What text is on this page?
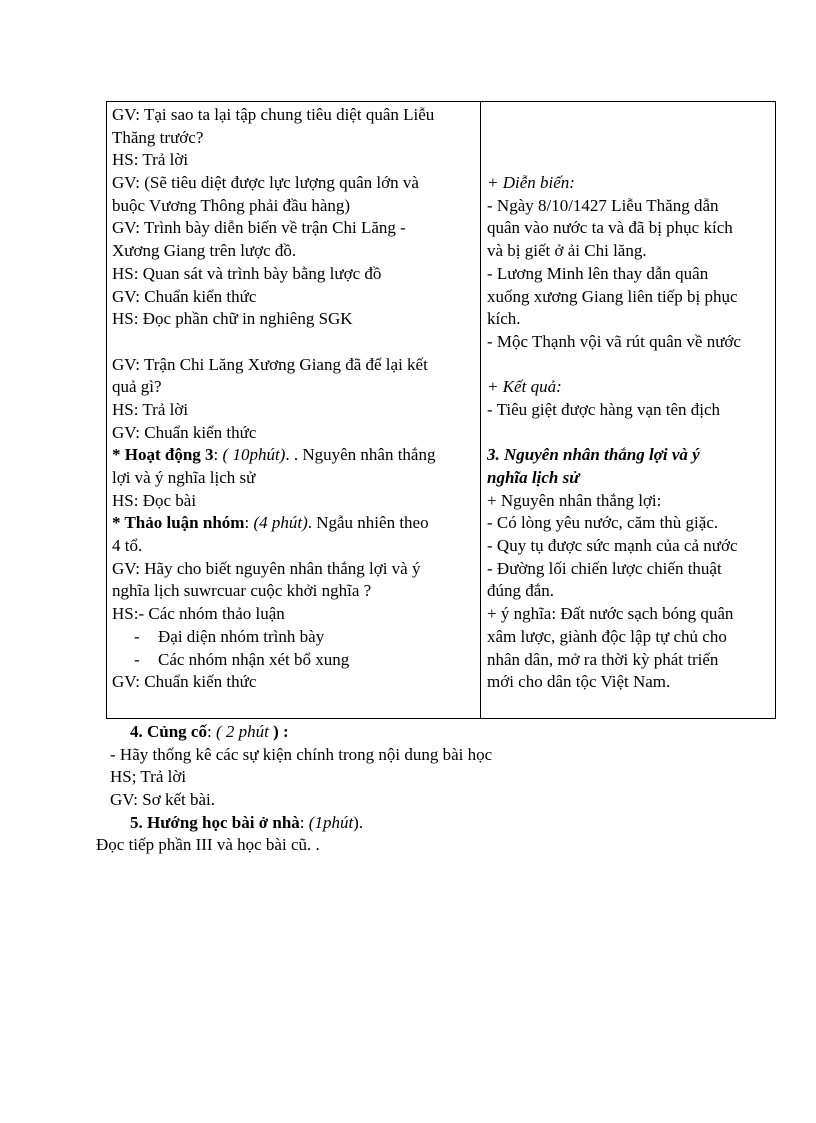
GV: Tại sao ta lại tập chung tiêu diệt quân Liễu
Thăng trước?
HS: Trả lời
GV: (Sẽ tiêu diệt được lực lượng quân lớn và
buộc Vương Thông phải đầu hàng)
GV: Trình bày diễn biến về trận Chi Lăng -
Xương Giang trên lược đồ.
HS: Quan sát và trình bày bằng lược đồ
GV: Chuẩn kiến thức
HS: Đọc phần chữ in nghiêng SGK
GV: Trận Chi Lăng Xương Giang đã để lại kết
quả gì?
HS: Trả lời
GV: Chuẩn kiến thức
* Hoạt động 3: ( 10phút). . Nguyên nhân thắng
lợi và ý nghĩa lịch sử
HS: Đọc bài
* Thảo luận nhóm: (4 phút). Ngẫu nhiên theo
4 tổ.
GV: Hãy cho biết nguyên nhân thắng lợi và ý
nghĩa lịch suwrcuar cuộc khởi nghĩa ?
HS:- Các nhóm thảo luận
- Đại diện nhóm trình bày
- Các nhóm nhận xét bổ xung
GV: Chuẩn kiến thức
+ Diễn biến:
- Ngày 8/10/1427 Liễu Thăng dẫn
quân vào nước ta và đã bị phục kích
và bị giết ở ải Chi lăng.
- Lương Minh lên thay dẫn quân
xuống xương Giang liên tiếp bị phục
kích.
- Mộc Thạnh vội vã rút quân về nước
+ Kết quả:
- Tiêu giệt được hàng vạn tên địch
3. Nguyên nhân thắng lợi và ý
nghĩa lịch sử
+ Nguyên nhân thắng lợi:
- Có lòng yêu nước, căm thù giặc.
- Quy tụ được sức mạnh của cả nước
- Đường lối chiến lược chiến thuật
đúng đắn.
+ ý nghĩa: Đất nước sạch bóng quân
xâm lược, giành độc lập tự chủ cho
nhân dân, mở ra thời kỳ phát triển
mới cho dân tộc Việt Nam.
4. Củng cố: ( 2 phút ) :
- Hãy thống kê các sự kiện chính trong nội dung bài học
HS; Trả lời
GV: Sơ kết bài.
5. Hướng học bài ở nhà: (1phút).
Đọc tiếp phần III và học bài cũ. .
